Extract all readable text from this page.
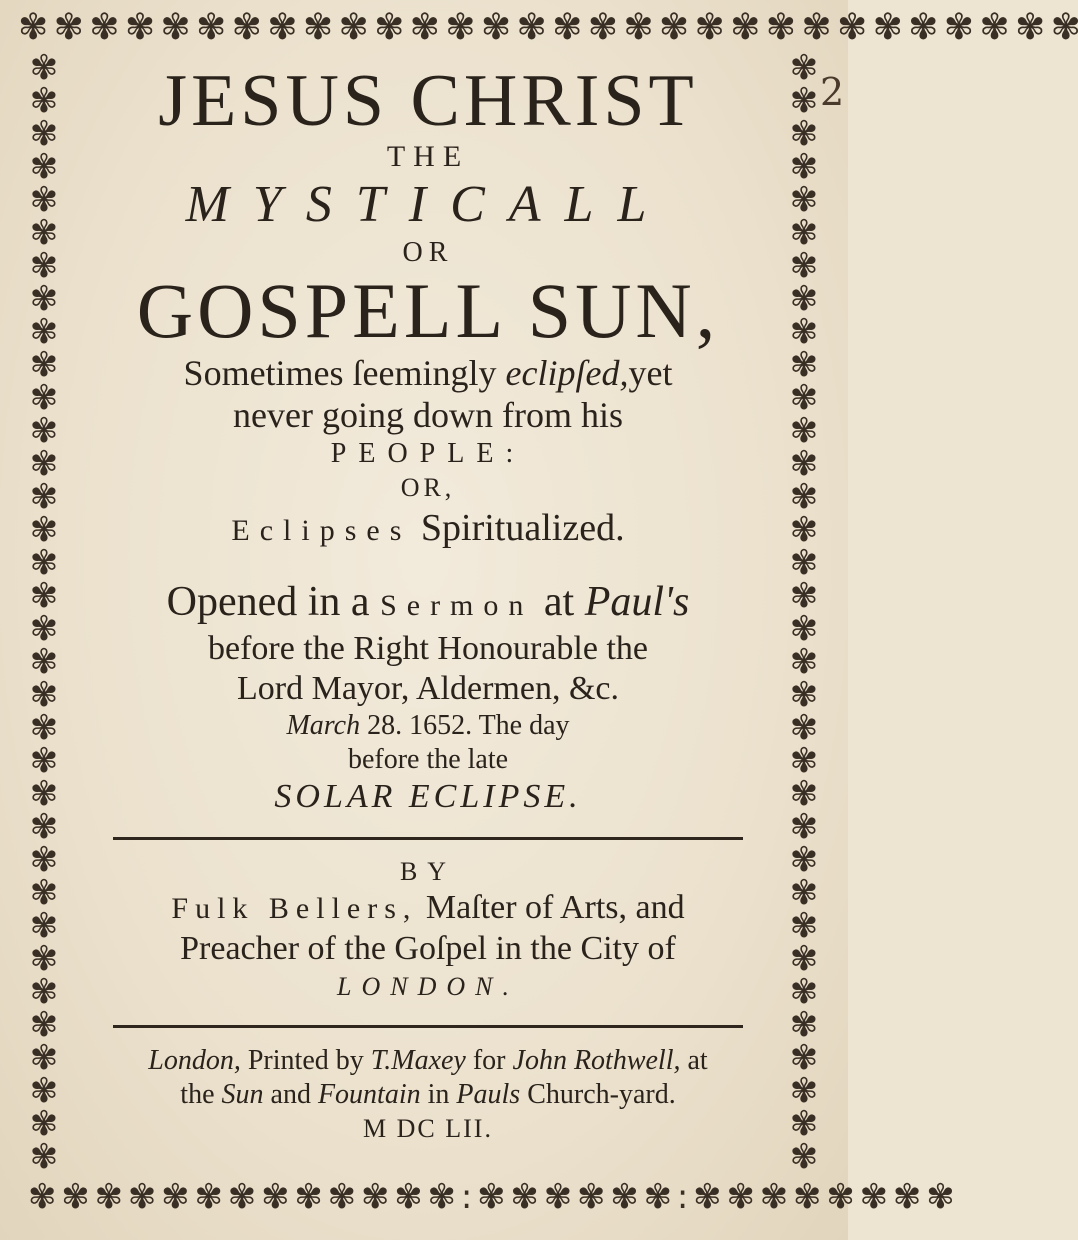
✾ ✾ ✾ ✾ ✾ ✾ ✾ ✾ ✾ ✾ ✾ ✾ ✾ ✾ ✾ ✾ ✾ ✾ ✾ ✾ ✾ ✾ ✾ ✾ ✾ ✾ ✾ ✾ ✾ ✾
✾✾✾✾✾✾✾✾✾✾✾✾✾✾✾✾✾✾✾✾✾✾✾✾✾✾✾✾✾✾✾✾✾✾
✾✾✾✾✾✾✾✾✾✾✾✾✾✾✾✾✾✾✾✾✾✾✾✾✾✾✾✾✾✾✾✾✾✾
✾ ✾ ✾ ✾ ✾ ✾ ✾ ✾ ✾ ✾ ✾ ✾ ✾ : ✾ ✾ ✾ ✾ ✾ ✾ : ✾ ✾ ✾ ✾ ✾ ✾ ✾ ✾
2
JESUS CHRIST
THE
MYSTICALL
OR
GOSPELL SUN,
Sometimes ſeemingly eclipſed,yet
never going down from his
PEOPLE:
OR,
Eclipses Spiritualized.
Opened in a Sermon at Paul's
before the Right Honourable the
Lord Mayor, Aldermen, &c.
March 28. 1652. The day
before the late
SOLAR ECLIPSE.
BY
Fulk Bellers, Maſter of Arts, and
Preacher of the Goſpel in the City of
LONDON.
London, Printed by T.Maxey for John Rothwell, at
the Sun and Fountain in Pauls Church-yard.
M DC LII.
